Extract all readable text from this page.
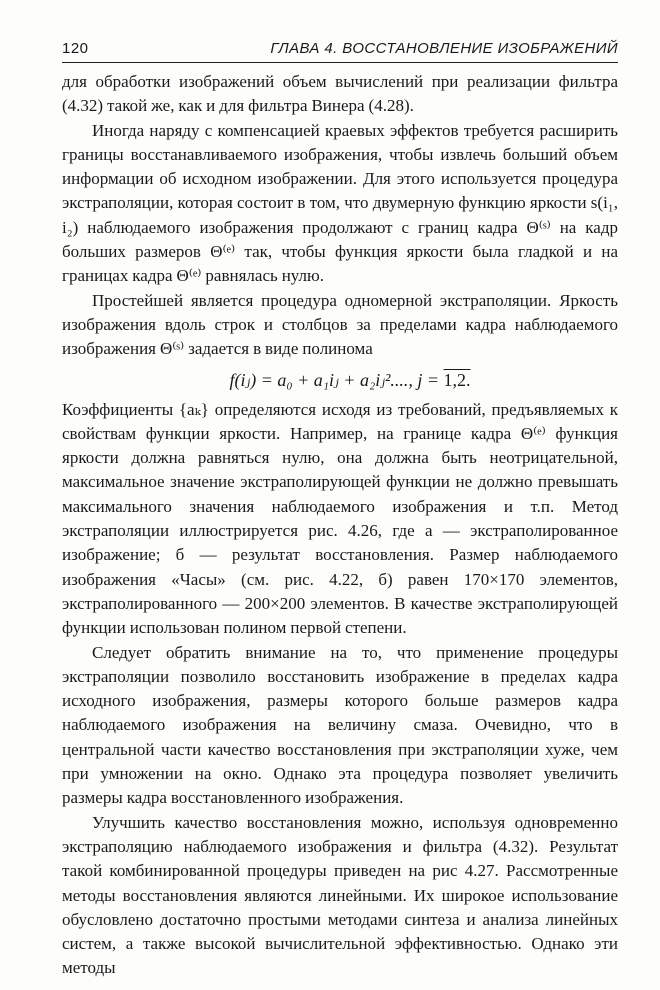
120	ГЛАВА 4. ВОССТАНОВЛЕНИЕ ИЗОБРАЖЕНИЙ

для обработки изображений объем вычислений при реализации фильтра (4.32) такой же, как и для фильтра Винера (4.28).

Иногда наряду с компенсацией краевых эффектов требуется расширить границы восстанавливаемого изображения, чтобы извлечь больший объем информации об исходном изображении. Для этого используется процедура экстраполяции, которая состоит в том, что двумерную функцию яркости s(i₁, i₂) наблюдаемого изображения продолжают с границ кадра Θ⁽ˢ⁾ на кадр больших размеров Θ⁽ᵉ⁾ так, чтобы функция яркости была гладкой и на границах кадра Θ⁽ᵉ⁾ равнялась нулю.

Простейшей является процедура одномерной экстраполяции. Яркость изображения вдоль строк и столбцов за пределами кадра наблюдаемого изображения Θ⁽ˢ⁾ задается в виде полинома

f(iⱼ) = a₀ + a₁iⱼ + a₂iⱼ²...., j = 1,2.

Коэффициенты {aₖ} определяются исходя из требований, предъявляемых к свойствам функции яркости. Например, на границе кадра Θ⁽ᵉ⁾ функция яркости должна равняться нулю, она должна быть неотрицательной, максимальное значение экстраполирующей функции не должно превышать максимального значения наблюдаемого изображения и т.п. Метод экстраполяции иллюстрируется рис. 4.26, где а — экстраполированное изображение; б — результат восстановления. Размер наблюдаемого изображения «Часы» (см. рис. 4.22, б) равен 170×170 элементов, экстраполированного — 200×200 элементов. В качестве экстраполирующей функции использован полином первой степени.

Следует обратить внимание на то, что применение процедуры экстраполяции позволило восстановить изображение в пределах кадра исходного изображения, размеры которого больше размеров кадра наблюдаемого изображения на величину смаза. Очевидно, что в центральной части качество восстановления при экстраполяции хуже, чем при умножении на окно. Однако эта процедура позволяет увеличить размеры кадра восстановленного изображения.

Улучшить качество восстановления можно, используя одновременно экстраполяцию наблюдаемого изображения и фильтра (4.32). Результат такой комбинированной процедуры приведен на рис 4.27. Рассмотренные методы восстановления являются линейными. Их широкое использование обусловлено достаточно простыми методами синтеза и анализа линейных систем, а также высокой вычислительной эффективностью. Однако эти методы
